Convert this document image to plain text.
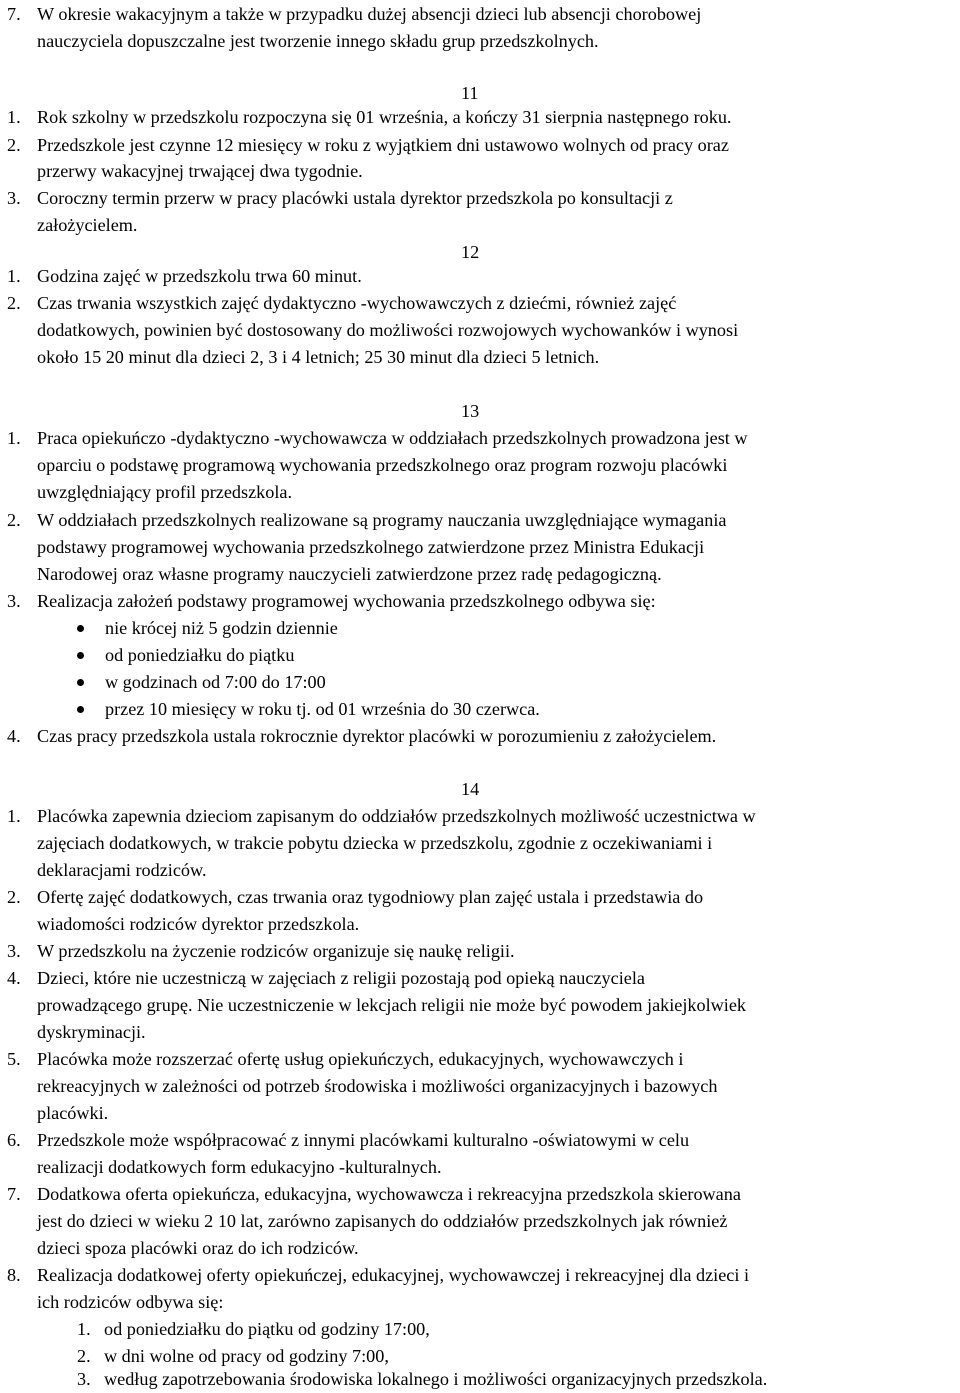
7. W okresie wakacyjnym a także w przypadku dużej absencji dzieci lub absencji chorobowej
nauczyciela dopuszczalne jest tworzenie innego składu grup przedszkolnych.
11
1. Rok szkolny w przedszkolu rozpoczyna się 01 września, a kończy 31 sierpnia następnego roku.
2. Przedszkole jest czynne 12 miesięcy w roku z wyjątkiem dni ustawowo wolnych od pracy oraz
przerwy wakacyjnej trwającej dwa tygodnie.
3. Coroczny termin przerw w pracy placówki ustala dyrektor przedszkola po konsultacji z
założycielem.
12
1. Godzina zajęć w przedszkolu trwa 60 minut.
2. Czas trwania wszystkich zajęć dydaktyczno -wychowawczych z dziećmi, również zajęć
dodatkowych, powinien być dostosowany do możliwości rozwojowych wychowanków i wynosi
około 15 20 minut dla dzieci 2, 3 i 4 letnich; 25 30 minut dla dzieci 5 letnich.
13
1. Praca opiekuńczo -dydaktyczno -wychowawcza w oddziałach przedszkolnych prowadzona jest w
oparciu o podstawę programową wychowania przedszkolnego oraz program rozwoju placówki
uwzględniający profil przedszkola.
2. W oddziałach przedszkolnych realizowane są programy nauczania uwzględniające wymagania
podstawy programowej wychowania przedszkolnego zatwierdzone przez Ministra Edukacji
Narodowej oraz własne programy nauczycieli zatwierdzone przez radę pedagogiczną.
3. Realizacja założeń podstawy programowej wychowania przedszkolnego odbywa się:
nie krócej niż 5 godzin dziennie
od poniedziałku do piątku
w godzinach od 7:00 do 17:00
przez 10 miesięcy w roku tj. od 01 września do 30 czerwca.
4. Czas pracy przedszkola ustala rokrocznie dyrektor placówki w porozumieniu z założycielem.
14
1. Placówka zapewnia dzieciom zapisanym do oddziałów przedszkolnych możliwość uczestnictwa w
zajęciach dodatkowych, w trakcie pobytu dziecka w przedszkolu, zgodnie z oczekiwaniami i
deklaracjami rodziców.
2. Ofertę zajęć dodatkowych, czas trwania oraz tygodniowy plan zajęć ustala i przedstawia do
wiadomości rodziców dyrektor przedszkola.
3. W przedszkolu na życzenie rodziców organizuje się naukę religii.
4. Dzieci, które nie uczestniczą w zajęciach z religii pozostają pod opieką nauczyciela
prowadzącego grupę. Nie uczestniczenie w lekcjach religii nie może być powodem jakiejkolwiek
dyskryminacji.
5. Placówka może rozszerzać ofertę usług opiekuńczych, edukacyjnych, wychowawczych i
rekreacyjnych w zależności od potrzeb środowiska i możliwości organizacyjnych i bazowych
placówki.
6. Przedszkole może współpracować z innymi placówkami kulturalno -oświatowymi w celu
realizacji dodatkowych form edukacyjno -kulturalnych.
7. Dodatkowa oferta opiekuńcza, edukacyjna, wychowawcza i rekreacyjna przedszkola skierowana
jest do dzieci w wieku 2 10 lat, zarówno zapisanych do oddziałów przedszkolnych jak również
dzieci spoza placówki oraz do ich rodziców.
8. Realizacja dodatkowej oferty opiekuńczej, edukacyjnej, wychowawczej i rekreacyjnej dla dzieci i
ich rodziców odbywa się:
1. od poniedziałku do piątku od godziny 17:00,
2. w dni wolne od pracy od godziny 7:00,
3. według zapotrzebowania środowiska lokalnego i możliwości organizacyjnych przedszkola.
